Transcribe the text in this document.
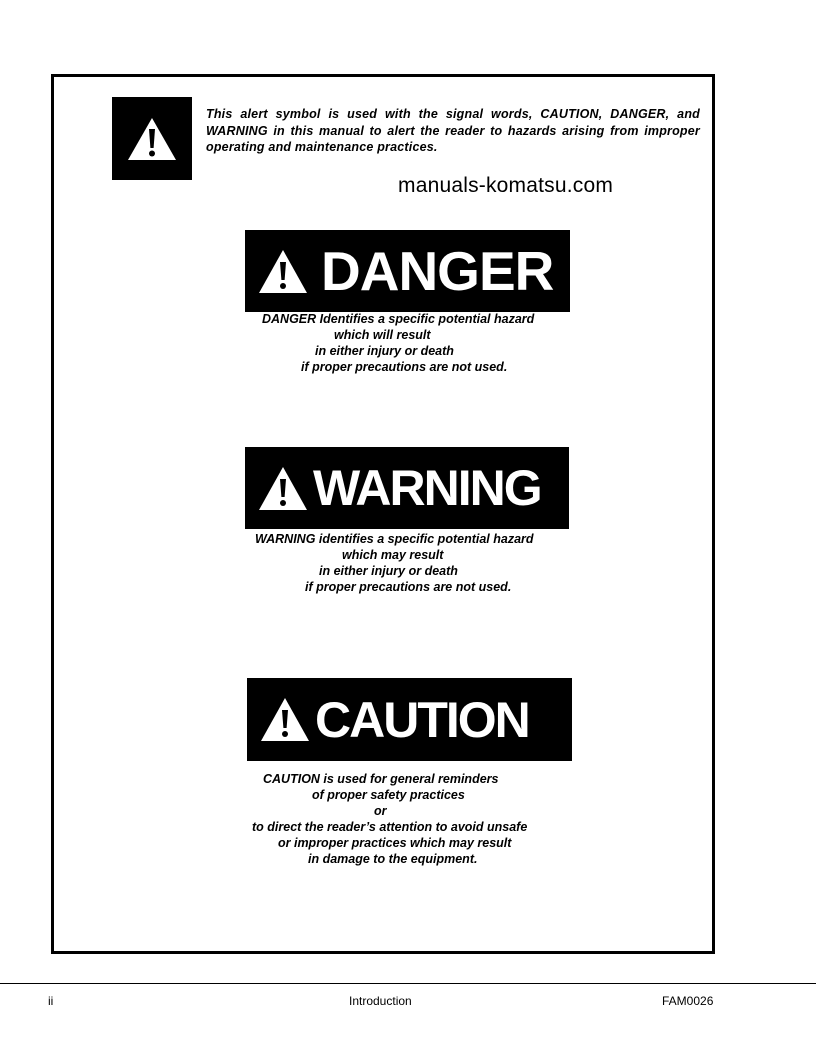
This alert symbol is used with the signal words, CAUTION, DANGER, and WARNING in this manual to alert the reader to hazards arising from improper operating and maintenance practices.
manuals-komatsu.com
DANGER
DANGER Identifies a specific potential hazard
which will result
in either injury or death
if proper precautions are not used.
WARNING
WARNING identifies a specific potential hazard
which may result
in either injury or death
if proper precautions are not used.
CAUTION
CAUTION is used for general reminders
of proper safety practices
or
to direct the reader’s attention to avoid unsafe
or improper practices which may result
in damage to the equipment.
ii	Introduction	FAM0026
